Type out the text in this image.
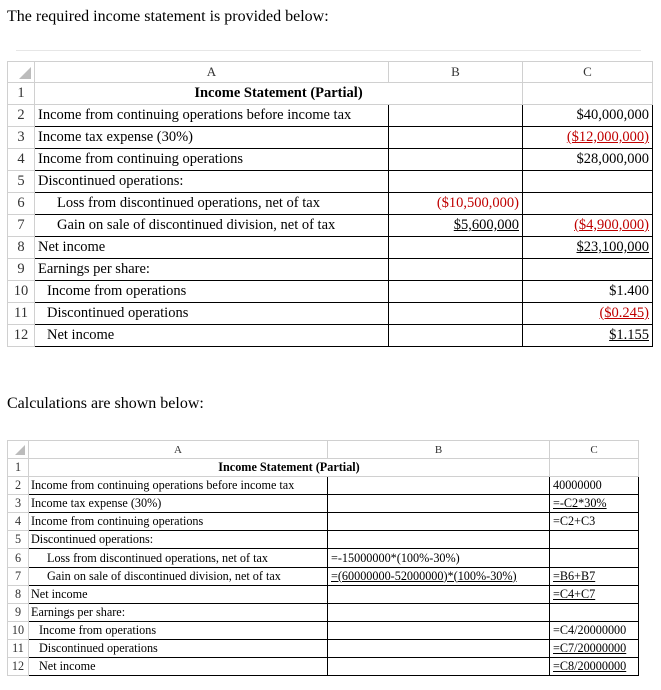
The required income statement is provided below:
	A	B	C
1	Income Statement (Partial)		
2	Income from continuing operations before income tax		$40,000,000
3	Income tax expense (30%)		($12,000,000)
4	Income from continuing operations		$28,000,000
5	Discontinued operations:		
6	Loss from discontinued operations, net of tax	($10,500,000)	
7	Gain on sale of discontinued division, net of tax	$5,600,000	($4,900,000)
8	Net income		$23,100,000
9	Earnings per share:		
10	Income from operations		$1.400
11	Discontinued operations		($0.245)
12	Net income		$1.155
Calculations are shown below:
	A	B	C
1	Income Statement (Partial)		
2	Income from continuing operations before income tax		40000000
3	Income tax expense (30%)		=-C2*30%
4	Income from continuing operations		=C2+C3
5	Discontinued operations:		
6	Loss from discontinued operations, net of tax	=-15000000*(100%-30%)	
7	Gain on sale of discontinued division, net of tax	=(60000000-52000000)*(100%-30%)	=B6+B7
8	Net income		=C4+C7
9	Earnings per share:		
10	Income from operations		=C4/20000000
11	Discontinued operations		=C7/20000000
12	Net income		=C8/20000000
